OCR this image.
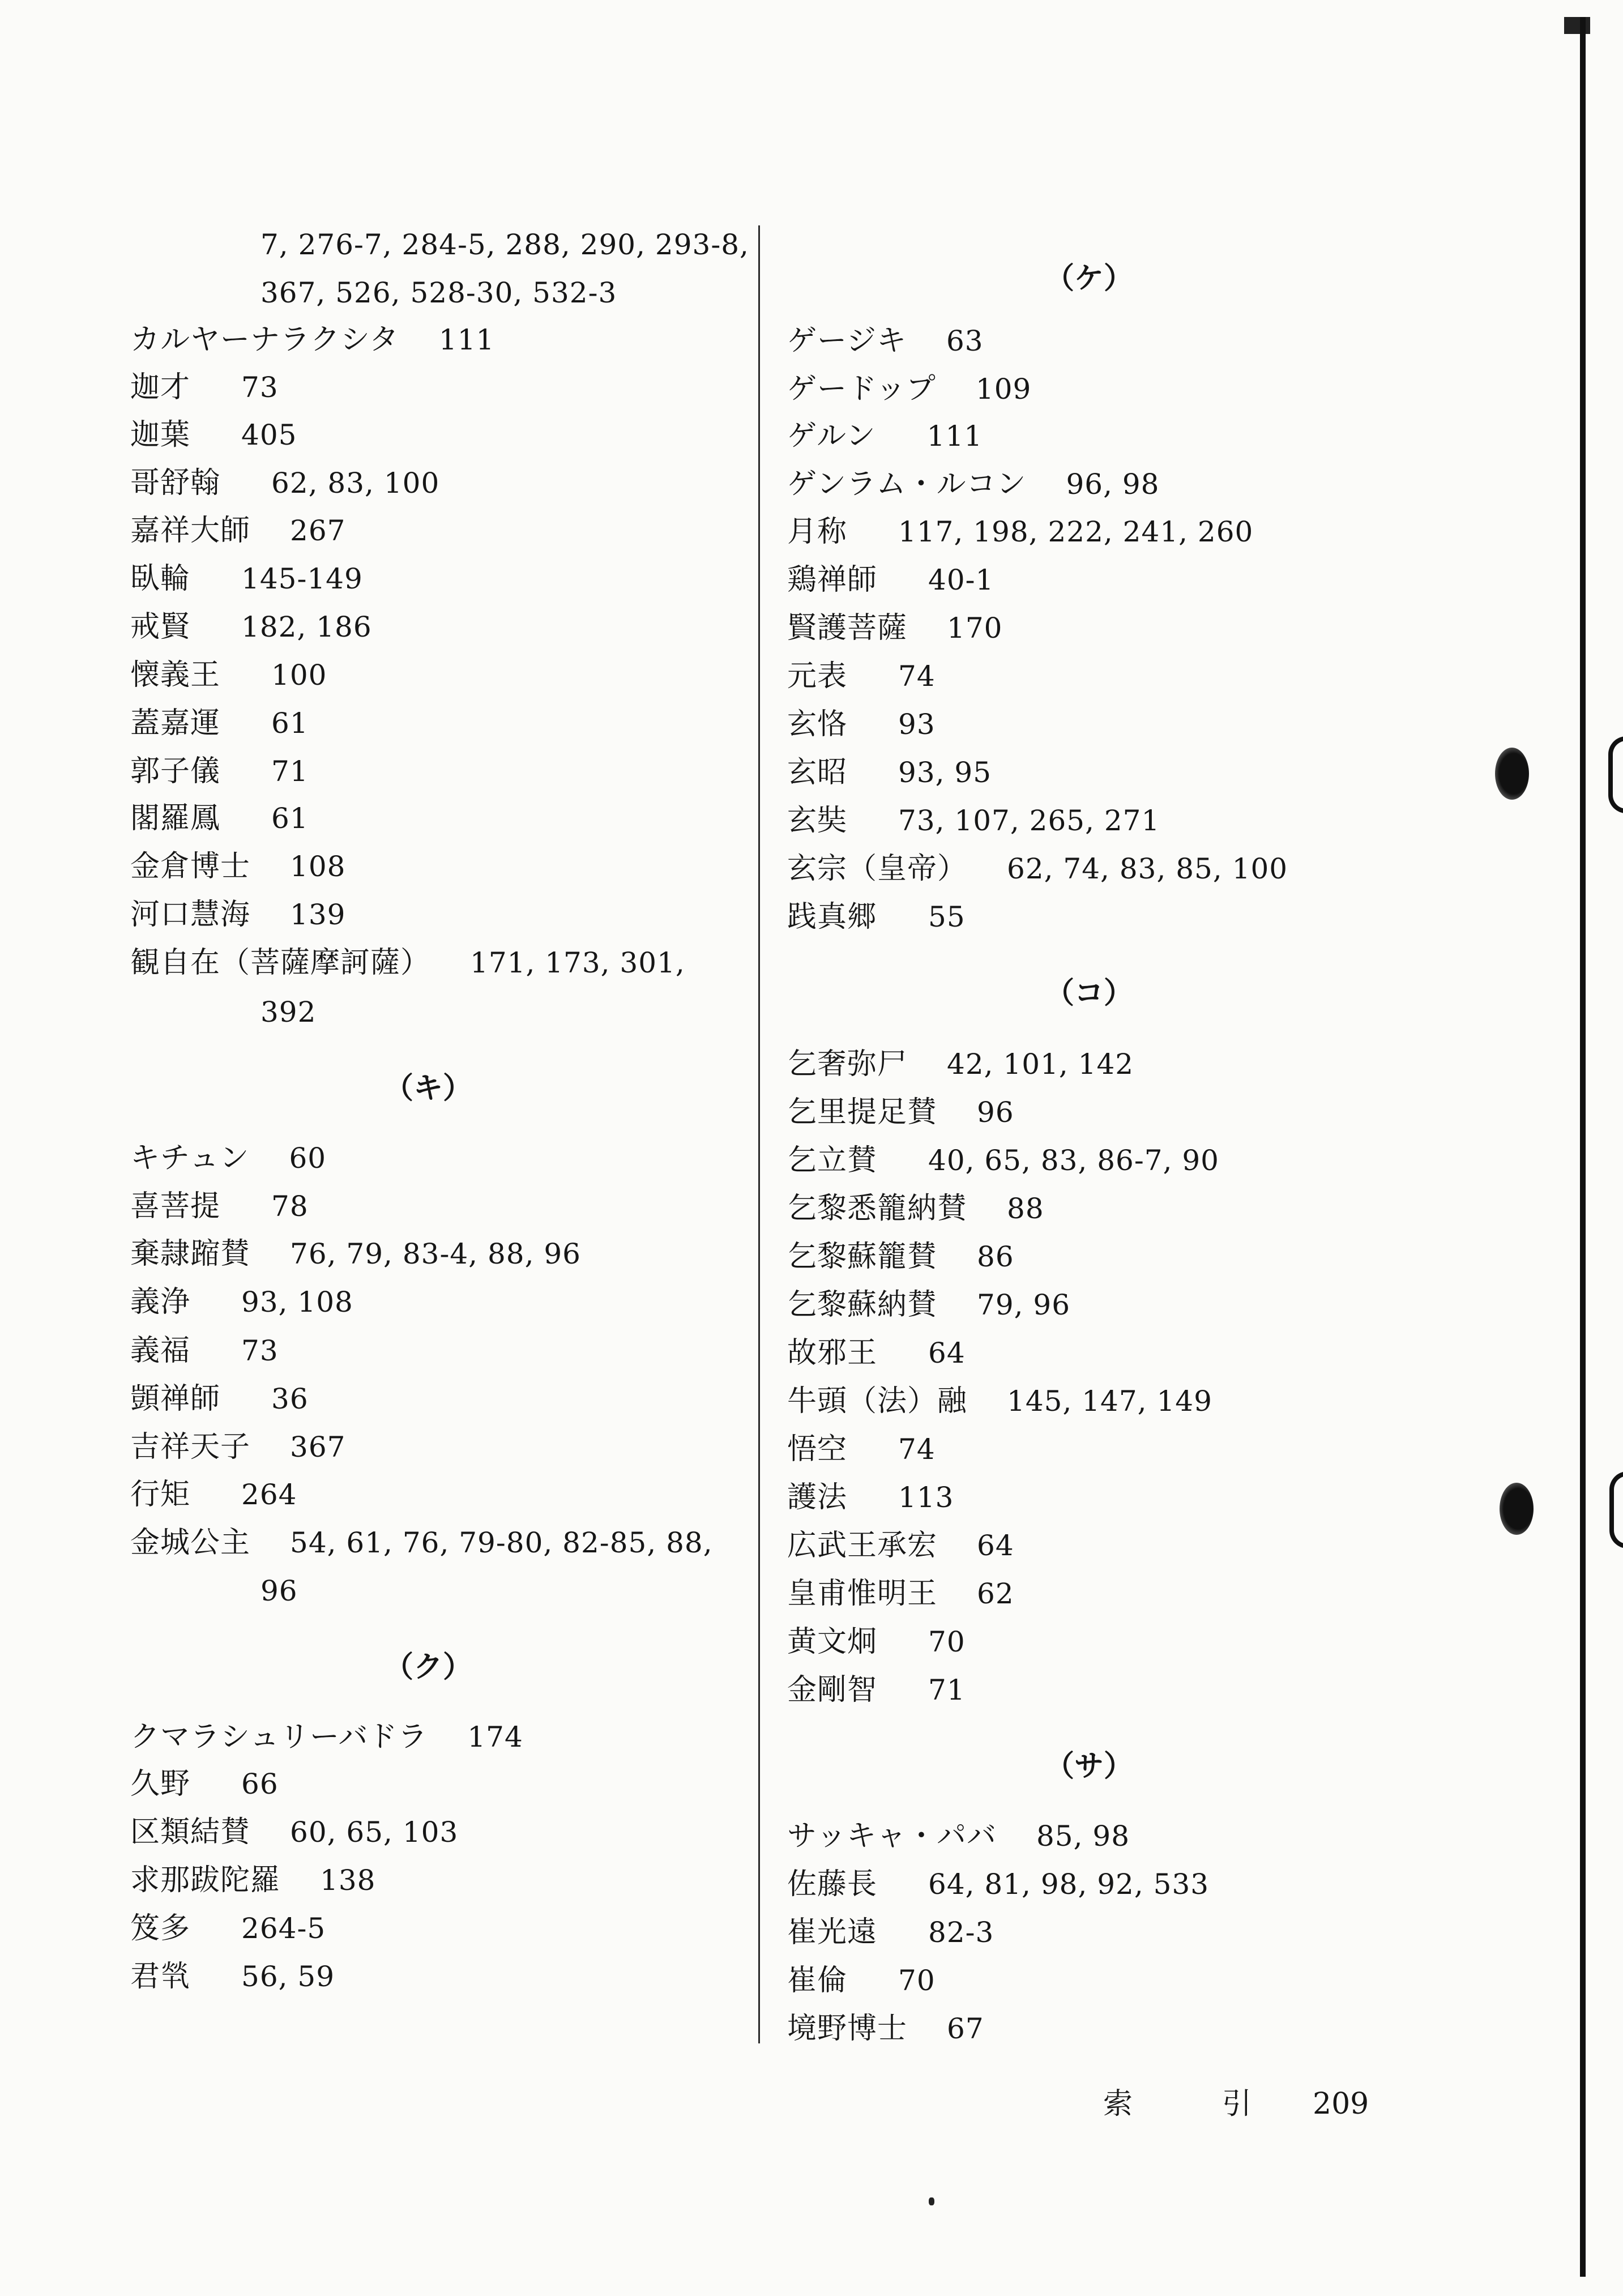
7, 276-7, 284-5, 288, 290, 293-8,
367, 526, 528-30, 532-3
カルヤーナラクシタ 111
迦才 73
迦葉 405
哥舒翰 62, 83, 100
嘉祥大師 267
臥輪 145-149
戒賢 182, 186
懐義王 100
蓋嘉運 61
郭子儀 71
閣羅鳳 61
金倉博士 108
河口慧海 139
観自在（菩薩摩訶薩） 171, 173, 301,
392
（キ）
キチュン 60
喜菩提 78
棄隷蹜賛 76, 79, 83-4, 88, 96
義浄 93, 108
義福 73
顗禅師 36
吉祥天子 367
行矩 264
金城公主 54, 61, 76, 79-80, 82-85, 88,
96
（ク）
クマラシュリーバドラ 174
久野 66
区類結賛 60, 65, 103
求那跋陀羅 138
笈多 264-5
君㷀 56, 59
（ケ）
ゲージキ 63
ゲードップ 109
ゲルン 111
ゲンラム・ルコン 96, 98
月称 117, 198, 222, 241, 260
鶏禅師 40-1
賢護菩薩 170
元表 74
玄恪 93
玄昭 93, 95
玄奘 73, 107, 265, 271
玄宗（皇帝） 62, 74, 83, 85, 100
践真郷 55
（コ）
乞奢弥尸 42, 101, 142
乞里提足賛 96
乞立賛 40, 65, 83, 86-7, 90
乞黎悉籠納賛 88
乞黎蘇籠賛 86
乞黎蘇納賛 79, 96
故邪王 64
牛頭（法）融 145, 147, 149
悟空 74
護法 113
広武王承宏 64
皇甫惟明王 62
黄文炯 70
金剛智 71
（サ）
サッキャ・パバ 85, 98
佐藤長 64, 81, 98, 92, 533
崔光遠 82-3
崔倫 70
境野博士 67
索	引 209
